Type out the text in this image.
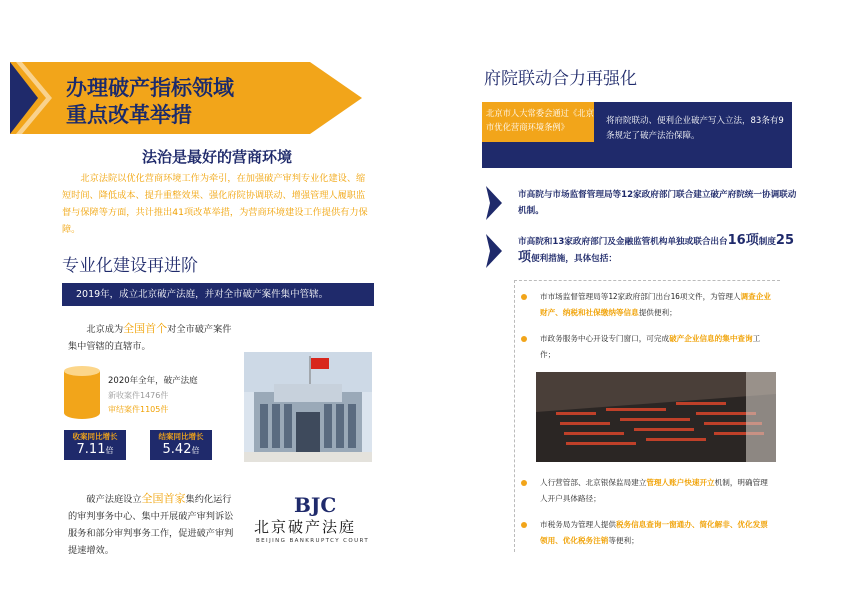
办理破产指标领域
重点改革举措
法治是最好的营商环境
北京法院以优化营商环境工作为牵引，在加强破产审判专业化建设、缩短时间、降低成本、提升重整效果、强化府院协调联动、增强管理人履职监督与保障等方面，共计推出41项改革举措，为营商环境建设工作提供有力保障。
专业化建设再进阶
2019年，成立北京破产法庭，并对全市破产案件集中管辖。
北京成为全国首个对全市破产案件集中管辖的直辖市。
2020年全年，破产法庭
新收案件1476件
审结案件1105件
收案同比增长
7.11倍
结案同比增长
5.42倍
破产法庭设立全国首家集约化运行的审判事务中心、集中开展破产审判诉讼服务和部分审判事务工作，促进破产审判提速增效。
BJC
北京破产法庭
BEIJING BANKRUPTCY COURT
府院联动合力再强化
北京市人大常委会通过《北京市优化营商环境条例》
将府院联动、便利企业破产写入立法，83条有9条规定了破产法治保障。
市高院与市场监督管理局等12家政府部门联合建立破产府院统一协调联动机制。
市高院和13家政府部门及金融监管机构单独或联合出台16项制度25项便利措施，具体包括：
市市场监督管理局等12家政府部门出台16项文件，为管理人调查企业财产、纳税和社保缴纳等信息提供便利；
市政务服务中心开设专门窗口，可完成破产企业信息的集中查询工作；
人行营管部、北京银保监局建立管理人账户快速开立机制，明确管理人开户具体路径；
市税务局为管理人提供税务信息查询一窗通办、简化解非、优化发票领用、优化税务注销等便利；
